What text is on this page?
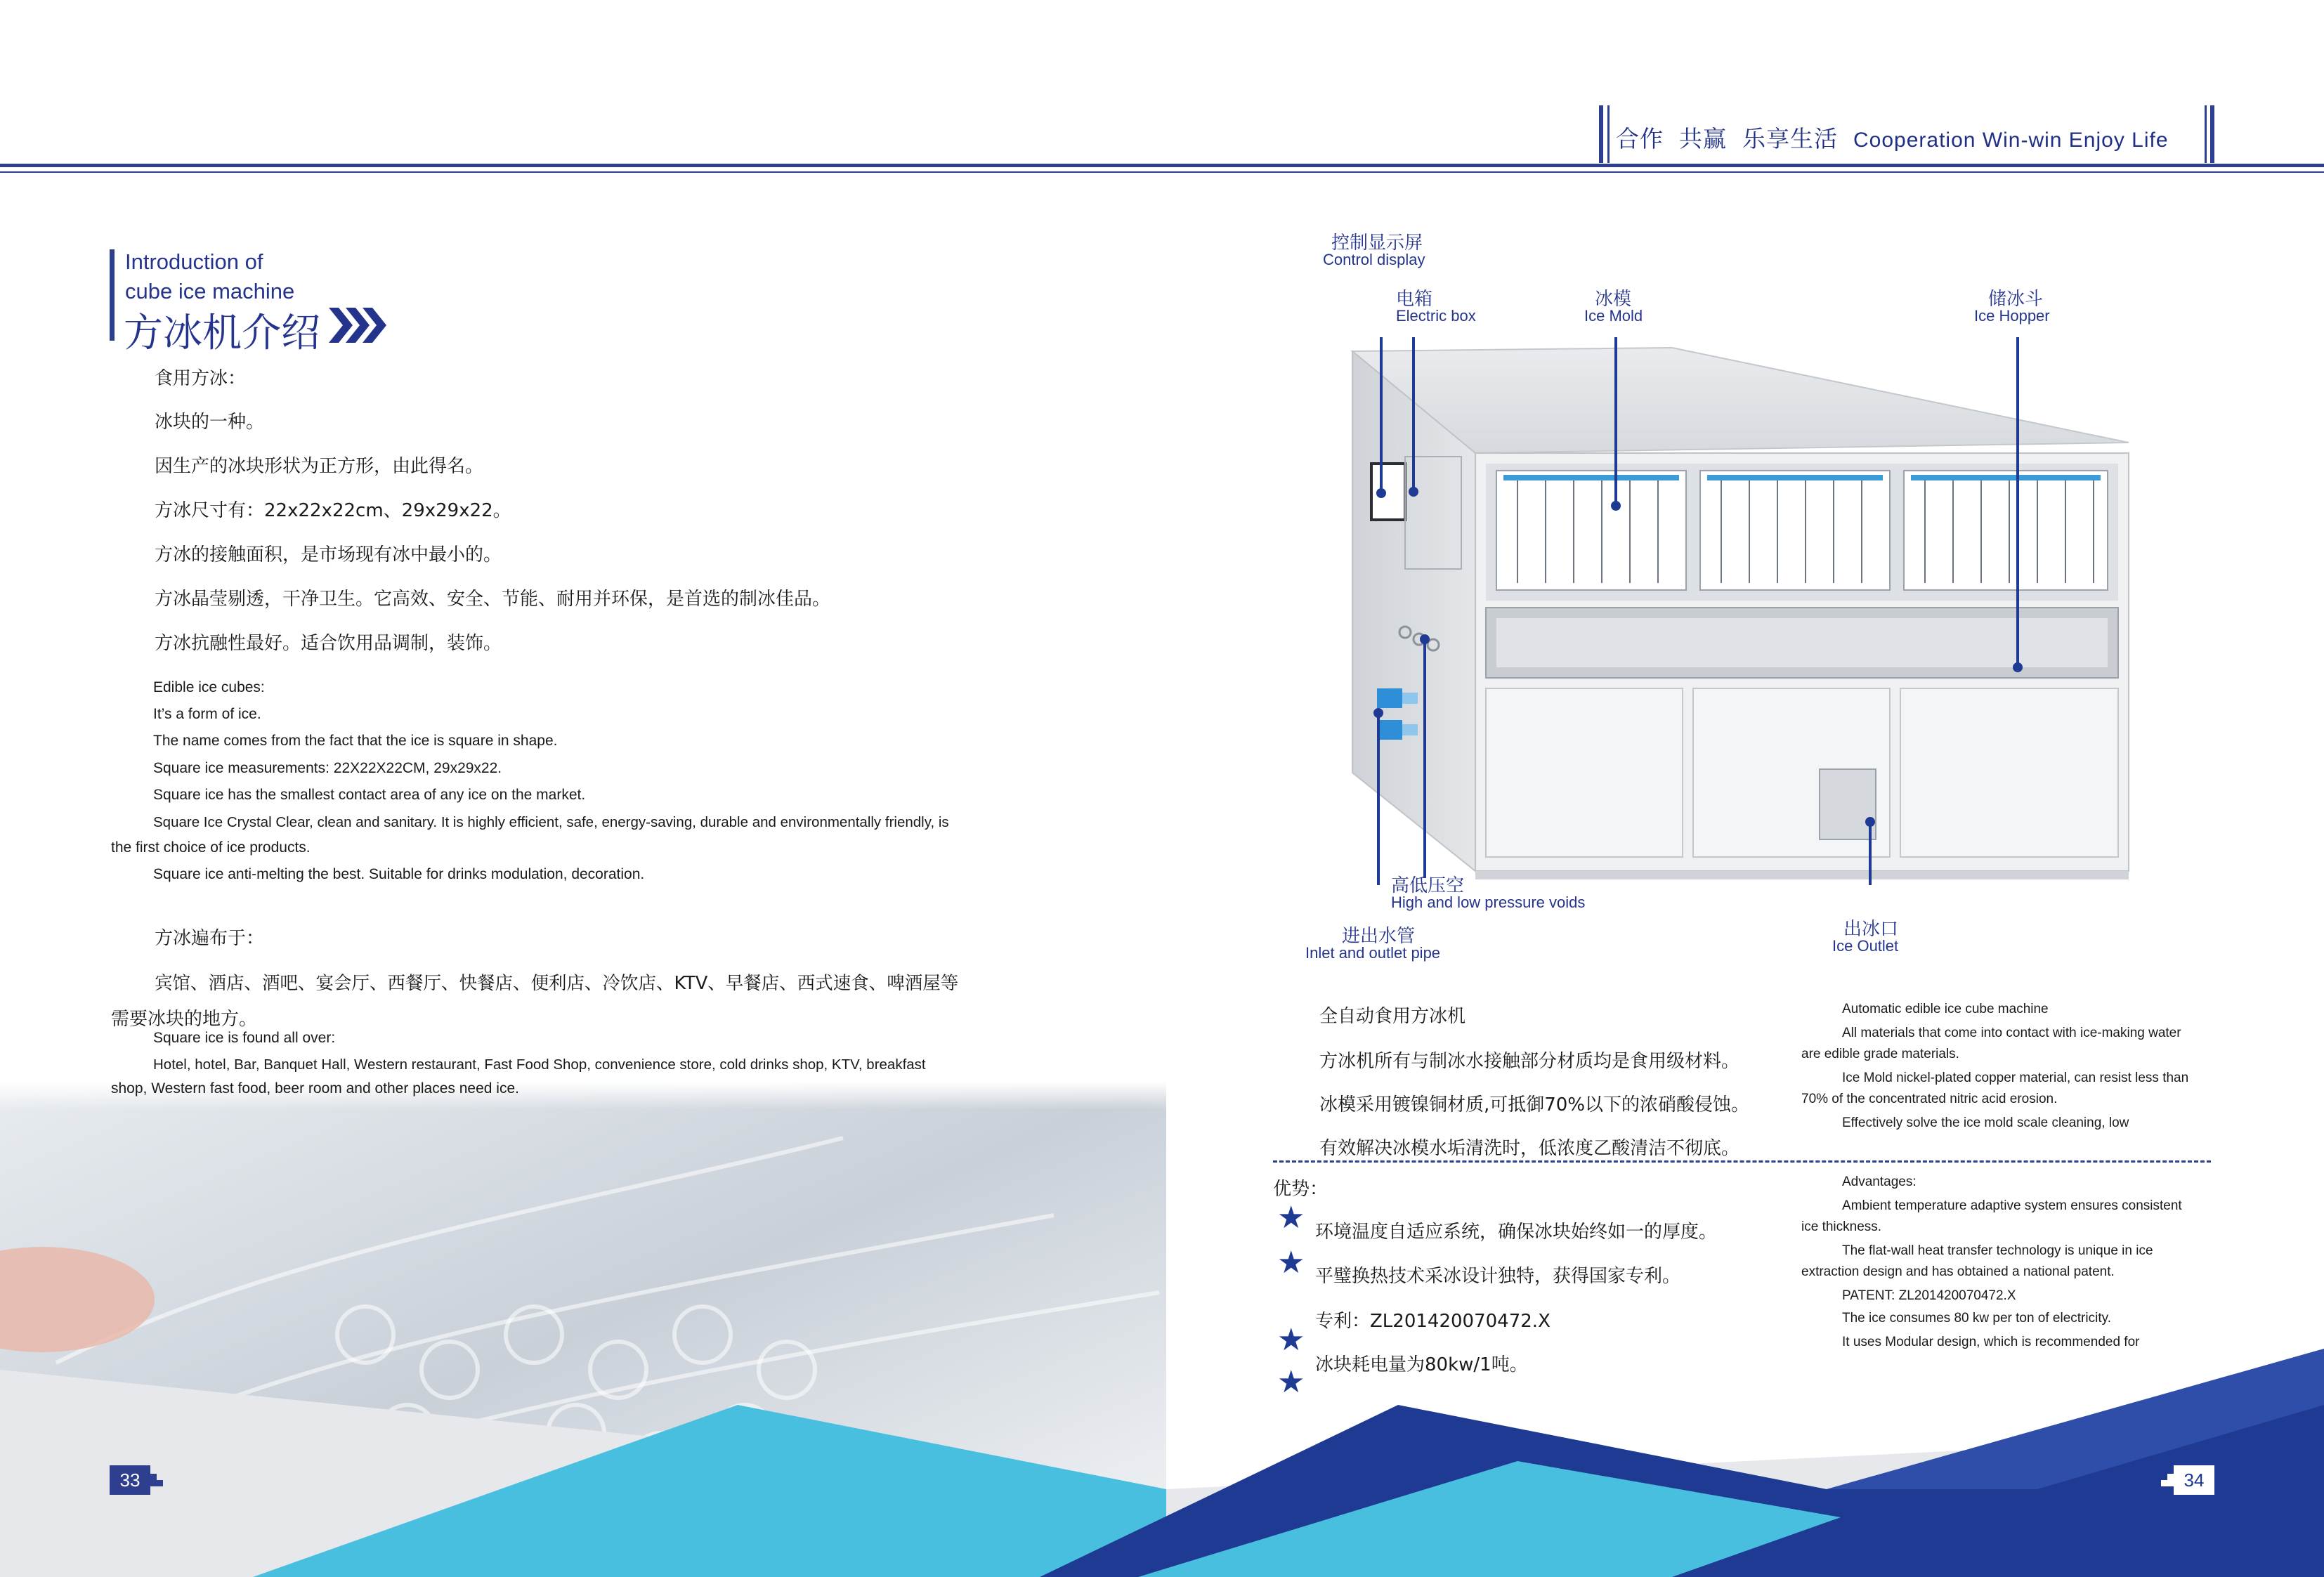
合作 共赢 乐享生活 Cooperation Win-win Enjoy Life
Introduction of
cube ice machine
方冰机介绍
食用方冰：
冰块的一种。
因生产的冰块形状为正方形，由此得名。
方冰尺寸有：22x22x22cm、29x29x22。
方冰的接触面积，是市场现有冰中最小的。
方冰晶莹剔透，干净卫生。它高效、安全、节能、耐用并环保，是首选的制冰佳品。
方冰抗融性最好。适合饮用品调制，装饰。
Edible ice cubes:
It’s a form of ice.
The name comes from the fact that the ice is square in shape.
Square ice measurements: 22X22X22CM, 29x29x22.
Square ice has the smallest contact area of any ice on the market.
Square Ice Crystal Clear, clean and sanitary. It is highly efficient, safe, energy-saving, durable and environmentally friendly, is
the first choice of ice products.
Square ice anti-melting the best. Suitable for drinks modulation, decoration.
方冰遍布于：
宾馆、酒店、酒吧、宴会厅、西餐厅、快餐店、便利店、冷饮店、KTV、早餐店、西式速食、啤酒屋等
需要冰块的地方。
Square ice is found all over:
Hotel, hotel, Bar, Banquet Hall, Western restaurant, Fast Food Shop, convenience store, cold drinks shop, KTV, breakfast
shop, Western fast food, beer room and other places need ice.
33
控制显示屏
Control display
电箱
Electric box
冰模
Ice Mold
储冰斗
Ice Hopper
高低压空
High and low pressure voids
进出水管
Inlet and outlet pipe
出冰口
Ice Outlet
全自动食用方冰机
方冰机所有与制冰水接触部分材质均是食用级材料。
冰模采用镀镍铜材质,可抵御70%以下的浓硝酸侵蚀。
有效解决冰模水垢清洗时，低浓度乙酸清洁不彻底。
Automatic edible ice cube machine
All materials that come into contact with ice-making water
are edible grade materials.
Ice Mold nickel-plated copper material, can resist less than
70% of the concentrated nitric acid erosion.
Effectively solve the ice mold scale cleaning, low
优势：
★ 环境温度自适应系统，确保冰块始终如一的厚度。
★ 平璧换热技术采冰设计独特，获得国家专利。
专利：ZL201420070472.X
★
冰块耗电量为80kw/1吨。
★
Advantages:
Ambient temperature adaptive system ensures consistent
ice thickness.
The flat-wall heat transfer technology is unique in ice
extraction design and has obtained a national patent.
PATENT: ZL201420070472.X
The ice consumes 80 kw per ton of electricity.
It uses Modular design, which is recommended for
34
